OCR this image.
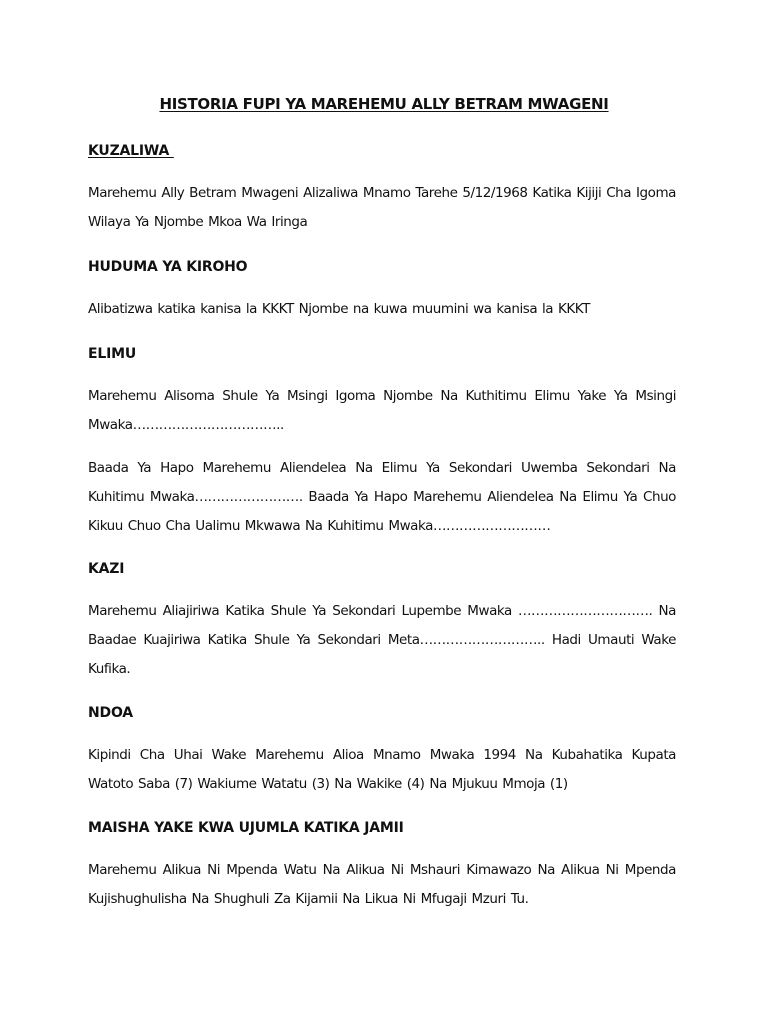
HISTORIA FUPI YA MAREHEMU ALLY BETRAM MWAGENI
KUZALIWA

Marehemu Ally Betram Mwageni Alizaliwa Mnamo Tarehe 5/12/1968 Katika Kijiji Cha Igoma Wilaya Ya Njombe Mkoa Wa Iringa

HUDUMA YA KIROHO

Alibatizwa katika kanisa la KKKT Njombe na kuwa muumini wa kanisa la KKKT

ELIMU

Marehemu Alisoma Shule Ya Msingi Igoma Njombe Na Kuthitimu Elimu Yake Ya Msingi Mwaka……………………………..

Baada Ya Hapo Marehemu Aliendelea Na Elimu Ya Sekondari Uwemba Sekondari Na Kuhitimu Mwaka……………………. Baada Ya Hapo Marehemu Aliendelea Na Elimu Ya Chuo Kikuu Chuo Cha Ualimu Mkwawa Na Kuhitimu Mwaka………………………

KAZI

Marehemu Aliajiriwa Katika Shule Ya Sekondari Lupembe Mwaka …………………………. Na Baadae Kuajiriwa Katika Shule Ya Sekondari Meta……………………….. Hadi Umauti Wake Kufika.

NDOA

Kipindi Cha Uhai Wake Marehemu Alioa Mnamo Mwaka 1994 Na Kubahatika Kupata Watoto Saba (7) Wakiume Watatu (3) Na Wakike (4) Na Mjukuu Mmoja (1)

MAISHA YAKE KWA UJUMLA KATIKA JAMII

Marehemu Alikua Ni Mpenda Watu Na Alikua Ni Mshauri Kimawazo Na Alikua Ni Mpenda Kujishughulisha Na Shughuli Za Kijamii Na Likua Ni Mfugaji Mzuri Tu.
